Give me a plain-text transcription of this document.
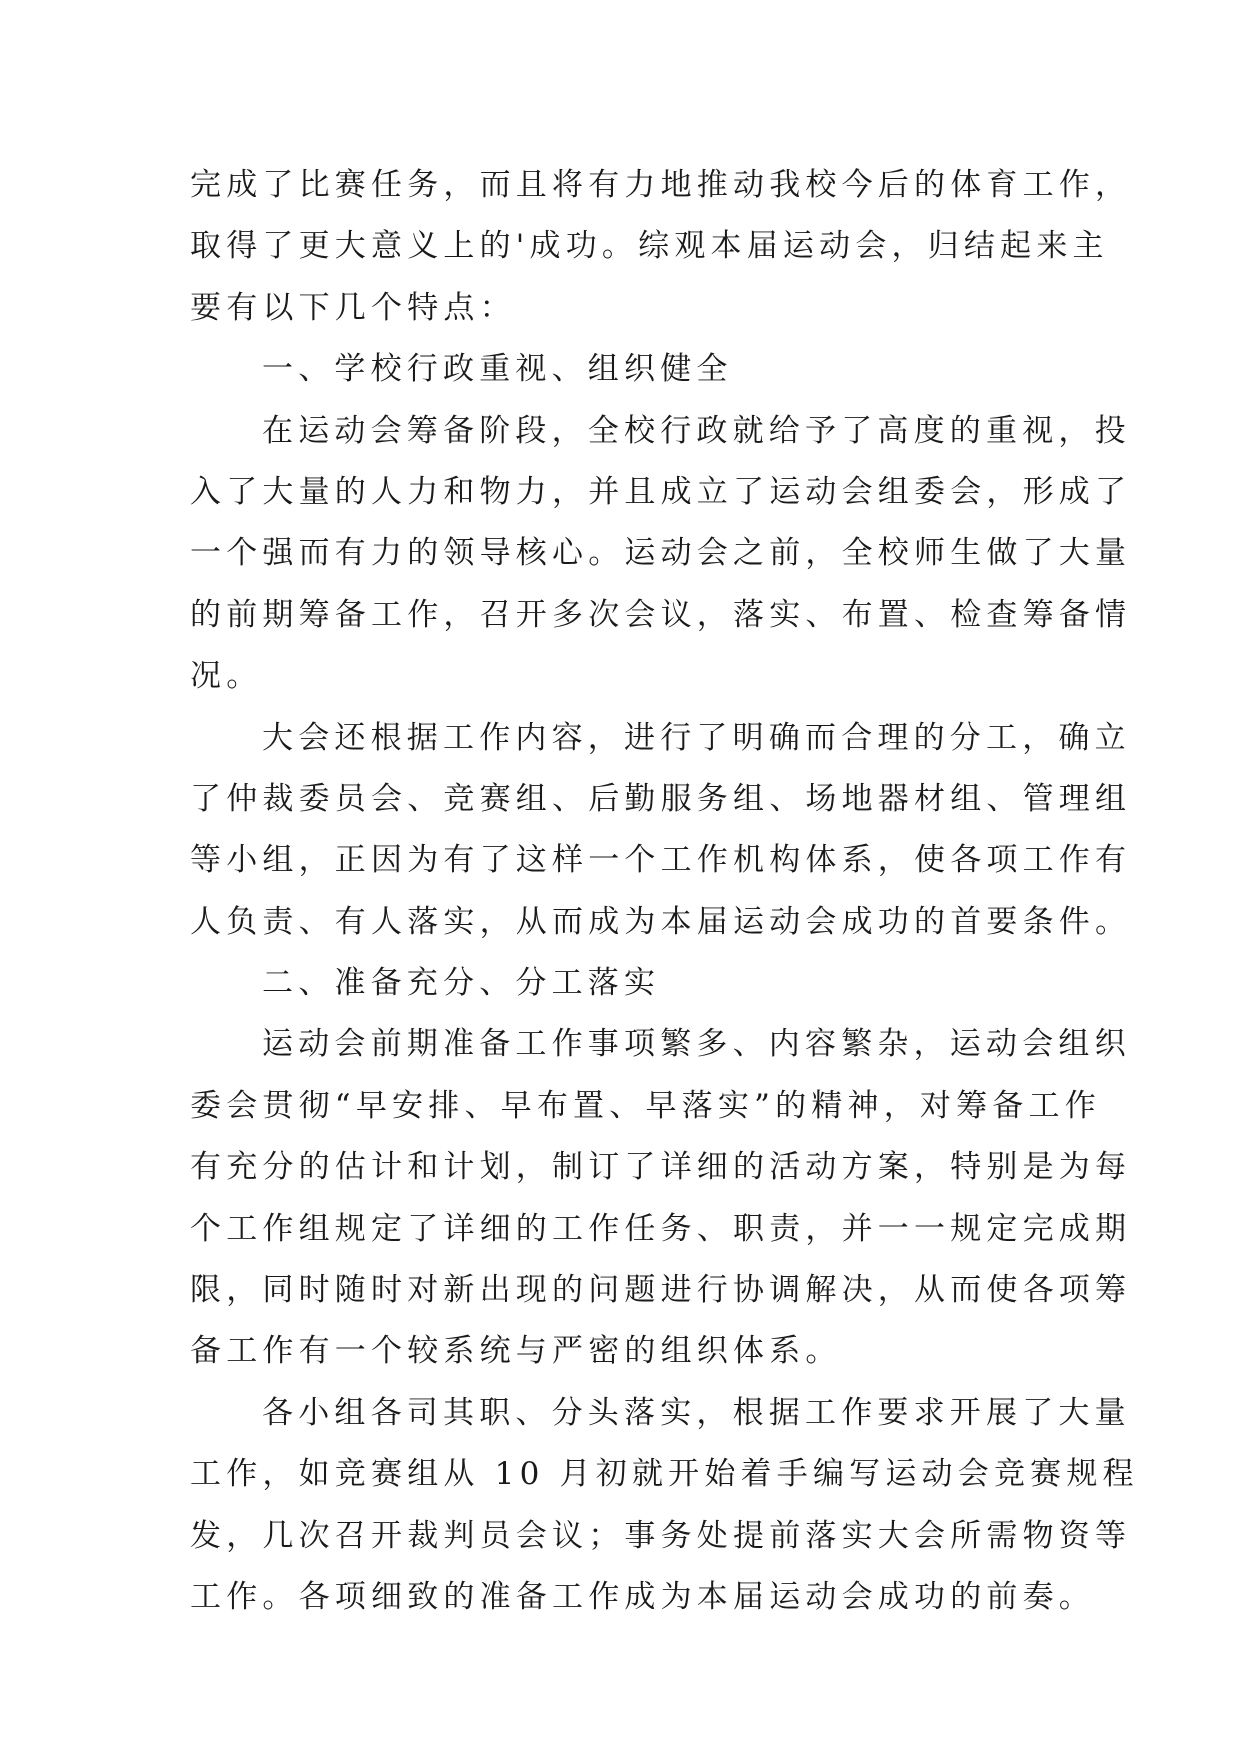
完成了比赛任务，而且将有力地推动我校今后的体育工作，
取得了更大意义上的'成功。综观本届运动会，归结起来主
要有以下几个特点：
一、学校行政重视、组织健全
在运动会筹备阶段，全校行政就给予了高度的重视，投
入了大量的人力和物力，并且成立了运动会组委会，形成了
一个强而有力的领导核心。运动会之前，全校师生做了大量
的前期筹备工作，召开多次会议，落实、布置、检查筹备情
况。
大会还根据工作内容，进行了明确而合理的分工，确立
了仲裁委员会、竞赛组、后勤服务组、场地器材组、管理组
等小组，正因为有了这样一个工作机构体系，使各项工作有
人负责、有人落实，从而成为本届运动会成功的首要条件。
二、准备充分、分工落实
运动会前期准备工作事项繁多、内容繁杂，运动会组织
委会贯彻“早安排、早布置、早落实”的精神，对筹备工作
有充分的估计和计划，制订了详细的活动方案，特别是为每
个工作组规定了详细的工作任务、职责，并一一规定完成期
限，同时随时对新出现的问题进行协调解决，从而使各项筹
备工作有一个较系统与严密的组织体系。
各小组各司其职、分头落实，根据工作要求开展了大量
工作，如竞赛组从 10 月初就开始着手编写运动会竞赛规程
发，几次召开裁判员会议；事务处提前落实大会所需物资等
工作。各项细致的准备工作成为本届运动会成功的前奏。
